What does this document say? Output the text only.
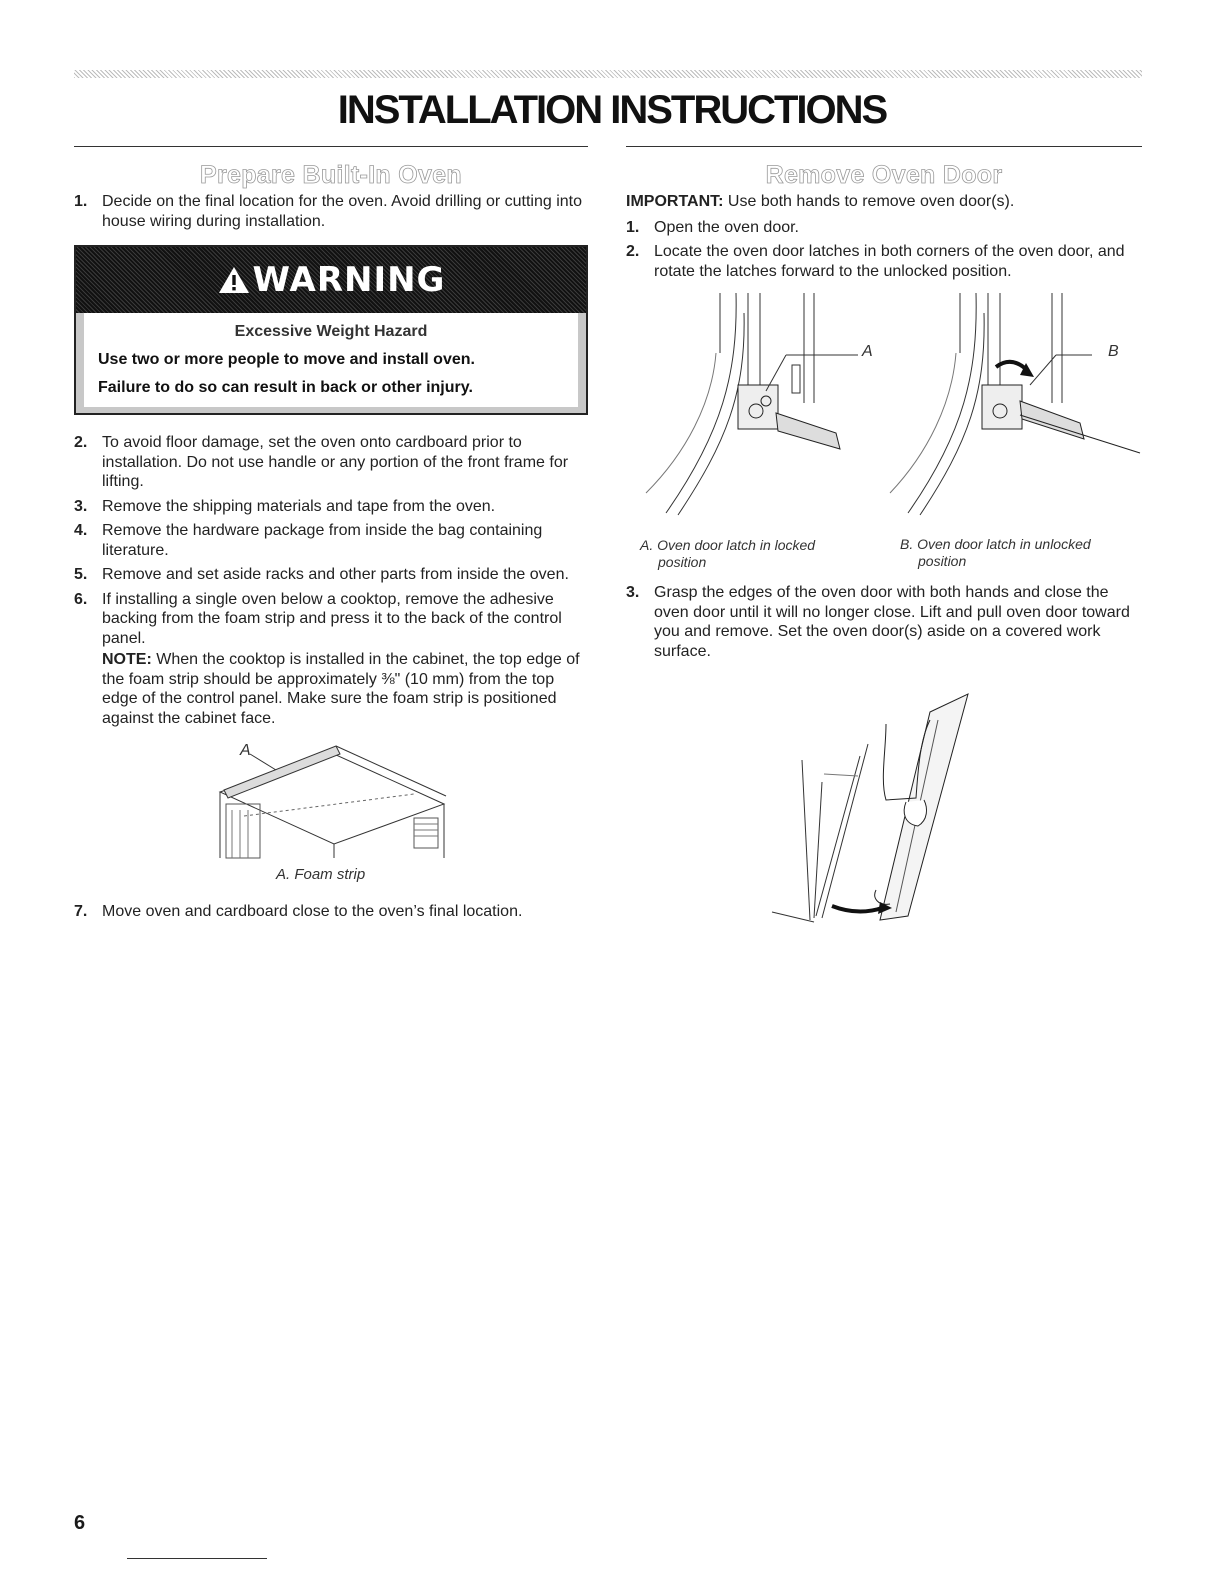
INSTALLATION INSTRUCTIONS
Prepare Built-In Oven
1. Decide on the final location for the oven. Avoid drilling or cutting into house wiring during installation.
WARNING
Excessive Weight Hazard
Use two or more people to move and install oven.
Failure to do so can result in back or other injury.
2. To avoid floor damage, set the oven onto cardboard prior to installation. Do not use handle or any portion of the front frame for lifting.
3. Remove the shipping materials and tape from the oven.
4. Remove the hardware package from inside the bag containing literature.
5. Remove and set aside racks and other parts from inside the oven.
6. If installing a single oven below a cooktop, remove the adhesive backing from the foam strip and press it to the back of the control panel.
NOTE: When the cooktop is installed in the cabinet, the top edge of the foam strip should be approximately ⅜" (10 mm) from the top edge of the control panel. Make sure the foam strip is positioned against the cabinet face.
A
A. Foam strip
7. Move oven and cardboard close to the oven’s final location.
Remove Oven Door
IMPORTANT: Use both hands to remove oven door(s).
1. Open the oven door.
2. Locate the oven door latches in both corners of the oven door, and rotate the latches forward to the unlocked position.
A	B
A. Oven door latch in locked
position
B. Oven door latch in unlocked
position
3. Grasp the edges of the oven door with both hands and close the oven door until it will no longer close. Lift and pull oven door toward you and remove. Set the oven door(s) aside on a covered work surface.
6
